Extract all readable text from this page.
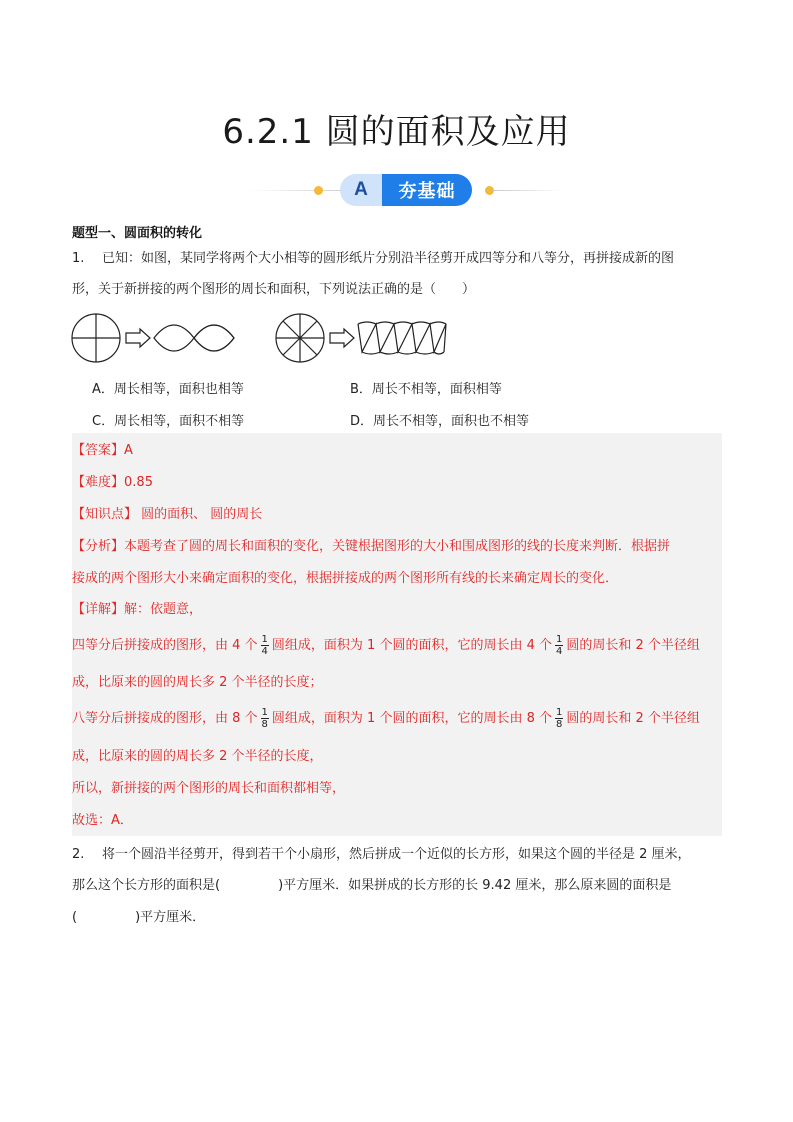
6.2.1 圆的面积及应用
A	夯基础
题型一、圆面积的转化
1. 已知：如图，某同学将两个大小相等的圆形纸片分别沿半径剪开成四等分和八等分，再拼接成新的图
形，关于新拼接的两个图形的周长和面积，下列说法正确的是（　　）
A．周长相等，面积也相等	B．周长不相等，面积相等
C．周长相等，面积不相等	D．周长不相等，面积也不相等
【答案】A
【难度】0.85
【知识点】 圆的面积、 圆的周长
【分析】本题考查了圆的周长和面积的变化，关键根据图形的大小和围成图形的线的长度来判断．根据拼
接成的两个图形大小来确定面积的变化，根据拼接成的两个图形所有线的长来确定周长的变化．
【详解】解：依题意，
四等分后拼接成的图形，由 4 个 $\frac{1}{4}$ 圆组成，面积为 1 个圆的面积，它的周长由 4 个 $\frac{1}{4}$ 圆的周长和 2 个半径组
成，比原来的圆的周长多 2 个半径的长度；
八等分后拼接成的图形，由 8 个 $\frac{1}{8}$ 圆组成，面积为 1 个圆的面积，它的周长由 8 个 $\frac{1}{8}$ 圆的周长和 2 个半径组
成，比原来的圆的周长多 2 个半径的长度，
所以，新拼接的两个图形的周长和面积都相等，
故选：A．
2. 将一个圆沿半径剪开，得到若干个小扇形，然后拼成一个近似的长方形，如果这个圆的半径是 2 厘米，
那么这个长方形的面积是(	)平方厘米．如果拼成的长方形的长 9.42 厘米，那么原来圆的面积是
(	)平方厘米．
